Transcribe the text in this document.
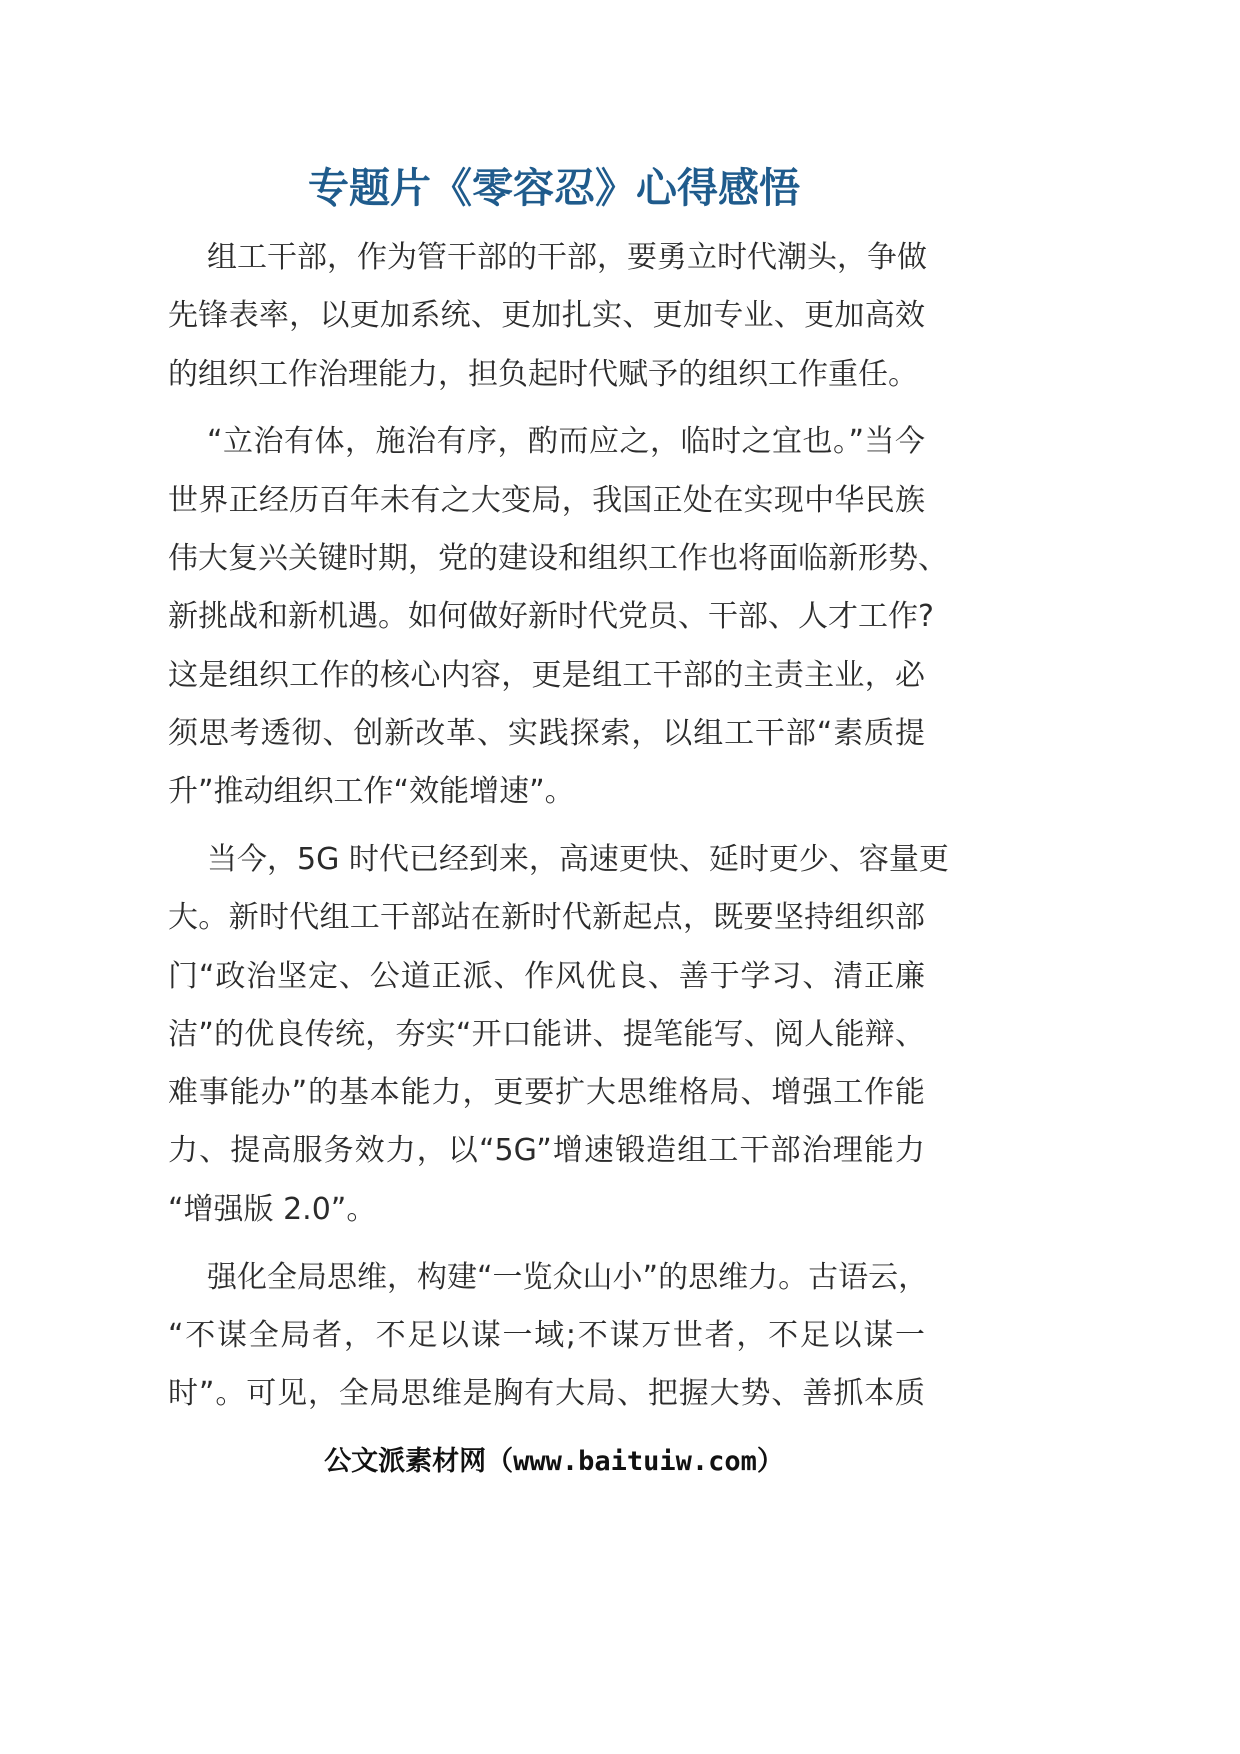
专题片《零容忍》心得感悟
组工干部，作为管干部的干部，要勇立时代潮头，争做
先锋表率，以更加系统、更加扎实、更加专业、更加高效
的组织工作治理能力，担负起时代赋予的组织工作重任。
“立治有体，施治有序，酌而应之，临时之宜也。”当今
世界正经历百年未有之大变局，我国正处在实现中华民族
伟大复兴关键时期，党的建设和组织工作也将面临新形势、
新挑战和新机遇。如何做好新时代党员、干部、人才工作?
这是组织工作的核心内容，更是组工干部的主责主业，必
须思考透彻、创新改革、实践探索，以组工干部“素质提
升”推动组织工作“效能增速”。
当今，5G 时代已经到来，高速更快、延时更少、容量更
大。新时代组工干部站在新时代新起点，既要坚持组织部
门“政治坚定、公道正派、作风优良、善于学习、清正廉
洁”的优良传统，夯实“开口能讲、提笔能写、阅人能辩、
难事能办”的基本能力，更要扩大思维格局、增强工作能
力、提高服务效力，以“5G”增速锻造组工干部治理能力
“增强版 2.0”。
强化全局思维，构建“一览众山小”的思维力。古语云，
“不谋全局者，不足以谋一域;不谋万世者，不足以谋一
时”。可见，全局思维是胸有大局、把握大势、善抓本质
公文派素材网（www.baituiw.com）
